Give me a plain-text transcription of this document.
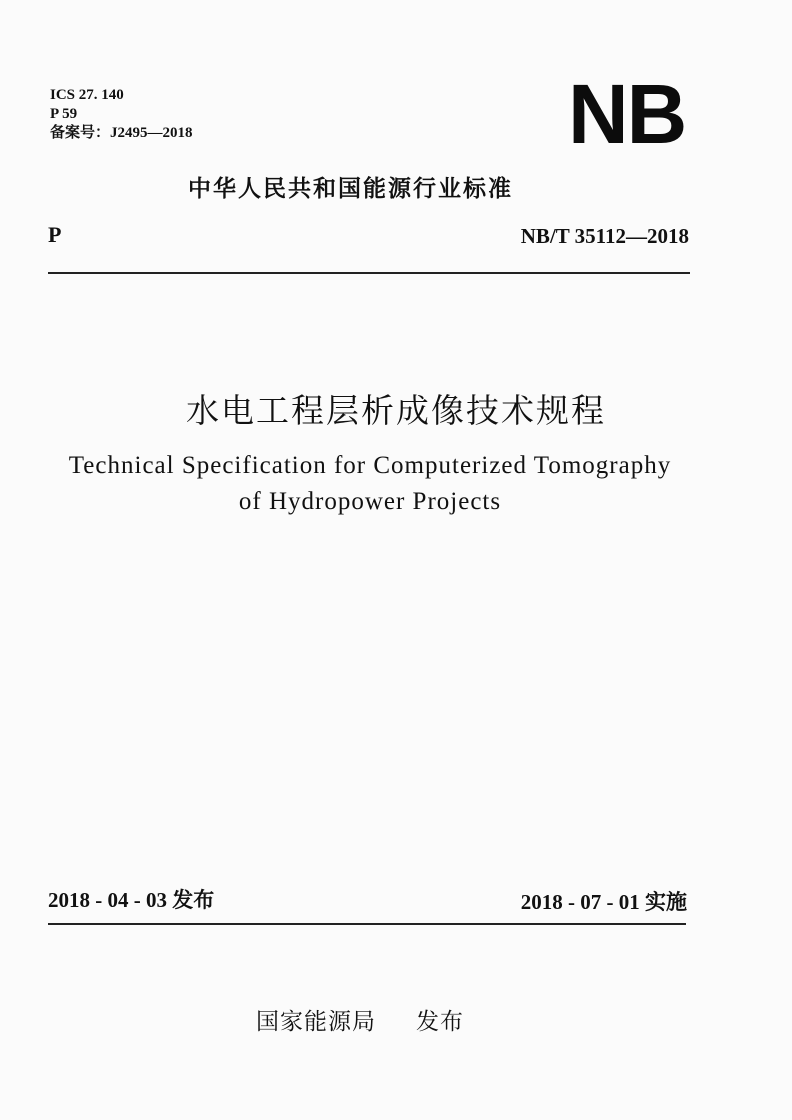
ICS 27. 140
P 59
备案号：J2495—2018	NB
中华人民共和国能源行业标准
P	NB/T 35112—2018
水电工程层析成像技术规程
Technical Specification for Computerized Tomography
of Hydropower Projects
2018 - 04 - 03 发布	2018 - 07 - 01 实施
国家能源局 发布
